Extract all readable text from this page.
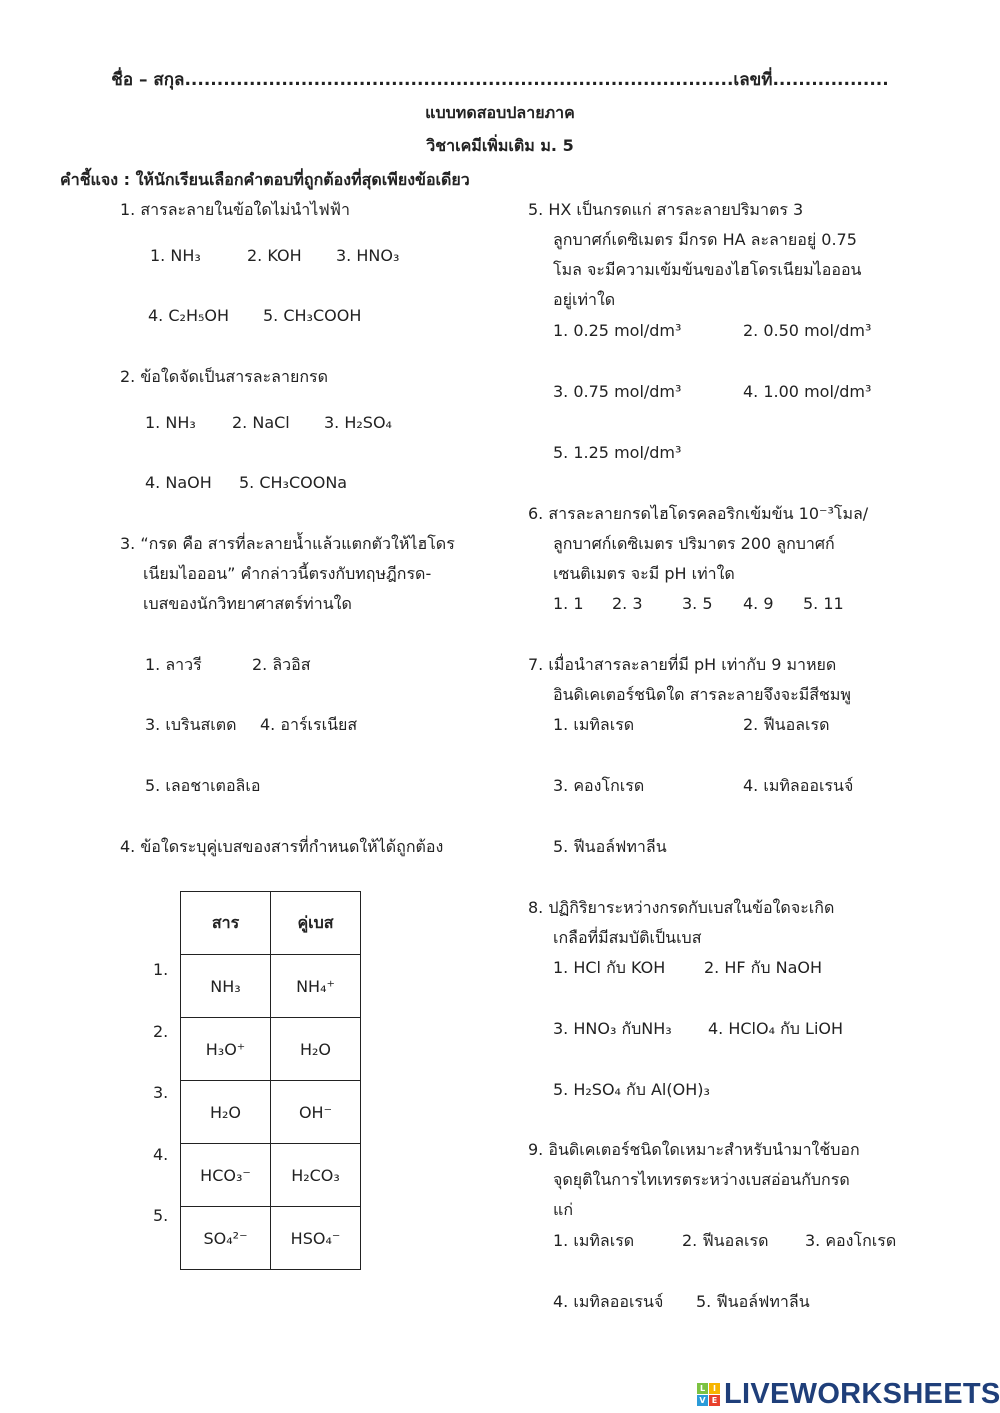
ชื่อ – สกุล.....................................................................................เลขที่..................
แบบทดสอบปลายภาค
วิชาเคมีเพิ่มเติม ม. 5
คำชี้แจง : ให้นักเรียนเลือกคำตอบที่ถูกต้องที่สุดเพียงข้อเดียว
1. สารละลายในข้อใดไม่นำไฟฟ้า
1. NH₃	2. KOH 3. HNO₃
4. C₂H₅OH 5. CH₃COOH
2. ข้อใดจัดเป็นสารละลายกรด
1. NH₃ 2. NaCl 3. H₂SO₄
4. NaOH 5. CH₃COONa
3. “กรด คือ สารที่ละลายน้ำแล้วแตกตัวให้ไฮโดร
เนียมไอออน” คำกล่าวนี้ตรงกับทฤษฎีกรด-
เบสของนักวิทยาศาสตร์ท่านใด
1. ลาวรี	2. ลิวอิส
3. เบรินสเตด 4. อาร์เรเนียส
5. เลอชาเตอลิเอ
4. ข้อใดระบุคู่เบสของสารที่กำหนดให้ได้ถูกต้อง
1.
2.
3.
4.
5.
สาร	คู่เบส
NH₃	NH₄⁺
H₃O⁺	H₂O
H₂O	OH⁻
HCO₃⁻	H₂CO₃
SO₄²⁻	HSO₄⁻
5. HX เป็นกรดแก่ สารละลายปริมาตร 3
ลูกบาศก์เดซิเมตร มีกรด HA ละลายอยู่ 0.75
โมล จะมีความเข้มข้นของไฮโดรเนียมไอออน
อยู่เท่าใด
1. 0.25 mol/dm³	2. 0.50 mol/dm³
3. 0.75 mol/dm³	4. 1.00 mol/dm³
5. 1.25 mol/dm³
6. สารละลายกรดไฮโดรคลอริกเข้มข้น 10⁻³โมล/
ลูกบาศก์เดซิเมตร ปริมาตร 200 ลูกบาศก์
เซนติเมตร จะมี pH เท่าใด
1. 1 2. 3 3. 5 4. 9 5. 11
7. เมื่อนำสารละลายที่มี pH เท่ากับ 9 มาหยด
อินดิเคเตอร์ชนิดใด สารละลายจึงจะมีสีชมพู
1. เมทิลเรด	2. ฟีนอลเรด
3. คองโกเรด	4. เมทิลออเรนจ์
5. ฟีนอล์ฟทาลีน
8. ปฏิกิริยาระหว่างกรดกับเบสในข้อใดจะเกิด
เกลือที่มีสมบัติเป็นเบส
1. HCl กับ KOH 2. HF กับ NaOH
3. HNO₃ กับNH₃ 4. HClO₄ กับ LiOH
5. H₂SO₄ กับ Al(OH)₃
9. อินดิเคเตอร์ชนิดใดเหมาะสำหรับนำมาใช้บอก
จุดยุติในการไทเทรตระหว่างเบสอ่อนกับกรด
แก่
1. เมทิลเรด	2. ฟีนอลเรด 3. คองโกเรด
4. เมทิลออเรนจ์ 5. ฟีนอล์ฟทาลีน
L I
V E LIVEWORKSHEETS
